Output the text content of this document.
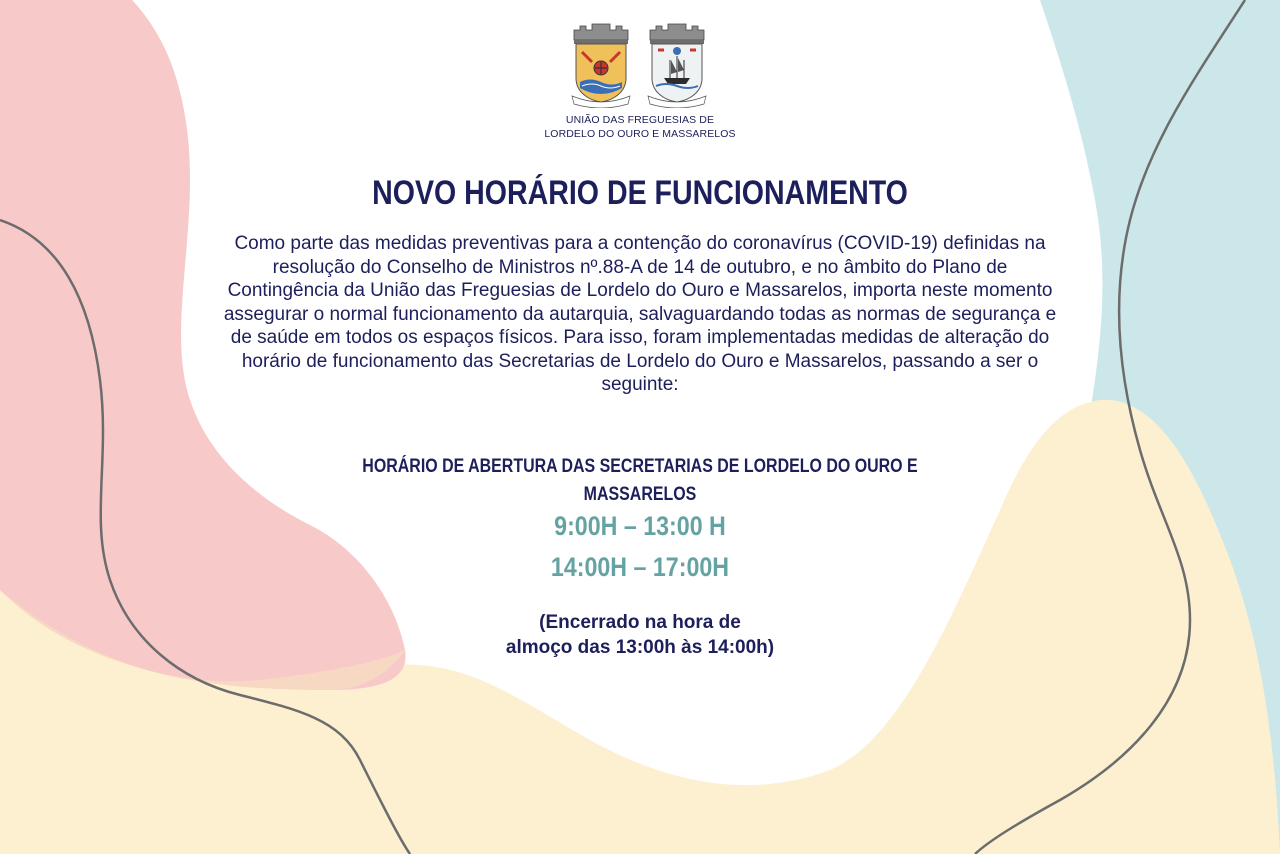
UNIÃO DAS FREGUESIAS DE
LORDELO DO OURO E MASSARELOS
NOVO HORÁRIO DE FUNCIONAMENTO

Como parte das medidas preventivas para a contenção do coronavírus (COVID-19) definidas na resolução do Conselho de Ministros nº.88-A de 14 de outubro, e no âmbito do Plano de Contingência da União das Freguesias de Lordelo do Ouro e Massarelos, importa neste momento assegurar o normal funcionamento da autarquia, salvaguardando todas as normas de segurança e de saúde em todos os espaços físicos. Para isso, foram implementadas medidas de alteração do horário de funcionamento das Secretarias de Lordelo do Ouro e Massarelos, passando a ser o seguinte:

HORÁRIO DE ABERTURA DAS SECRETARIAS DE LORDELO DO OURO E MASSARELOS
9:00H – 13:00 H
14:00H – 17:00H
(Encerrado na hora de
almoço das 13:00h às 14:00h)
